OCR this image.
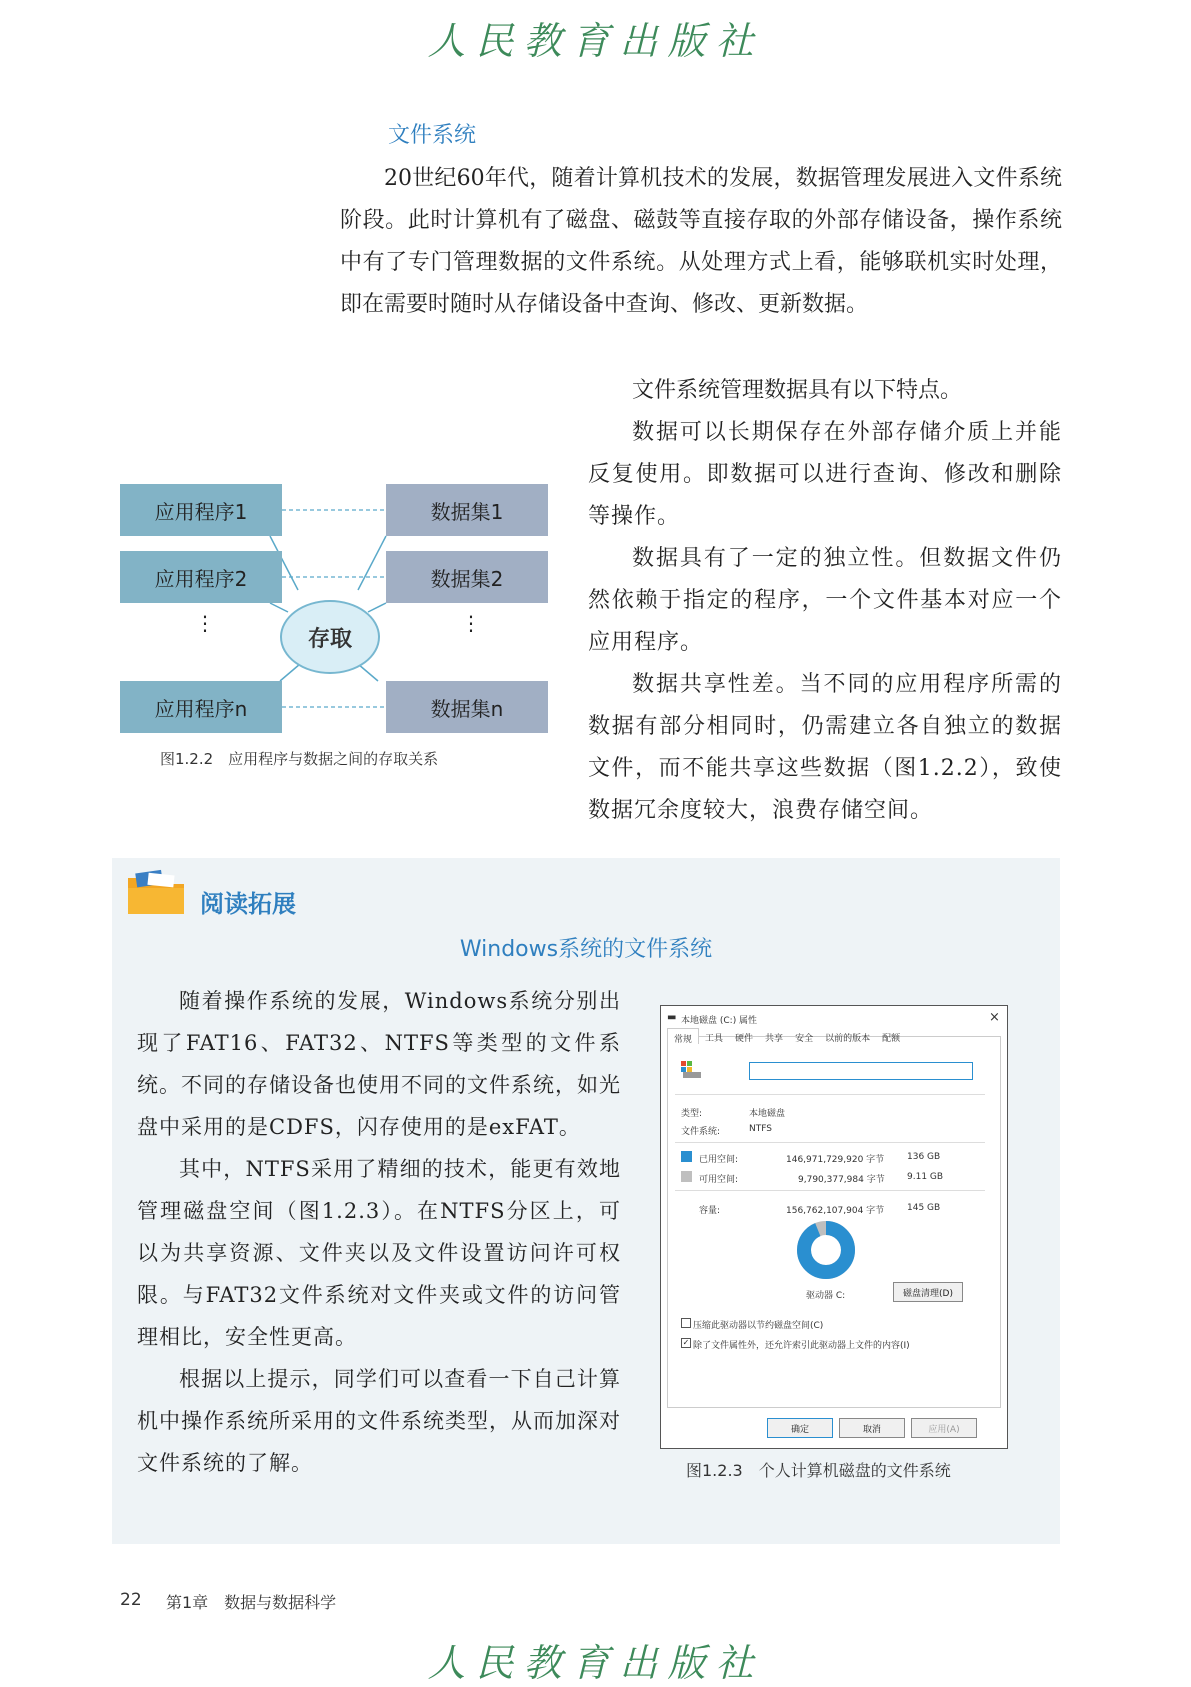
人民教育出版社
文件系统

20世纪60年代，随着计算机技术的发展，数据管理发展进入文件系统阶段。此时计算机有了磁盘、磁鼓等直接存取的外部存储设备，操作系统中有了专门管理数据的文件系统。从处理方式上看，能够联机实时处理，即在需要时随时从存储设备中查询、修改、更新数据。

文件系统管理数据具有以下特点。

数据可以长期保存在外部存储介质上并能反复使用。即数据可以进行查询、修改和删除等操作。

数据具有了一定的独立性。但数据文件仍然依赖于指定的程序，一个文件基本对应一个应用程序。

数据共享性差。当不同的应用程序所需的数据有部分相同时，仍需建立各自独立的数据文件，而不能共享这些数据（图1.2.2），致使数据冗余度较大，浪费存储空间。

应用程序1
应用程序2
应用程序n
数据集1
数据集2
数据集n
存取
⋮	⋮
图1.2.2　应用程序与数据之间的存取关系
阅读拓展
Windows系统的文件系统

随着操作系统的发展，Windows系统分别出现了FAT16、FAT32、NTFS等类型的文件系统。不同的存储设备也使用不同的文件系统，如光盘中采用的是CDFS，闪存使用的是exFAT。

其中，NTFS采用了精细的技术，能更有效地管理磁盘空间（图1.2.3）。在NTFS分区上，可以为共享资源、文件夹以及文件设置访问许可权限。与FAT32文件系统对文件夹或文件的访问管理相比，安全性更高。

根据以上提示，同学们可以查看一下自己计算机中操作系统所采用的文件系统类型，从而加深对文件系统的了解。

▬ 本地磁盘 (C:) 属性	×
常规	工具	硬件	共享	安全	以前的版本	配额
类型:	本地磁盘
文件系统:	NTFS
已用空间:	146,971,729,920 字节	136 GB
可用空间:	9,790,377,984 字节 9.11 GB
容量:	156,762,107,904 字节	145 GB
驱动器 C:	磁盘清理(D)
压缩此驱动器以节约磁盘空间(C)
✓ 除了文件属性外，还允许索引此驱动器上文件的内容(I)
确定	取消	应用(A)
图1.2.3　个人计算机磁盘的文件系统
22 第1章　数据与数据科学
人民教育出版社
